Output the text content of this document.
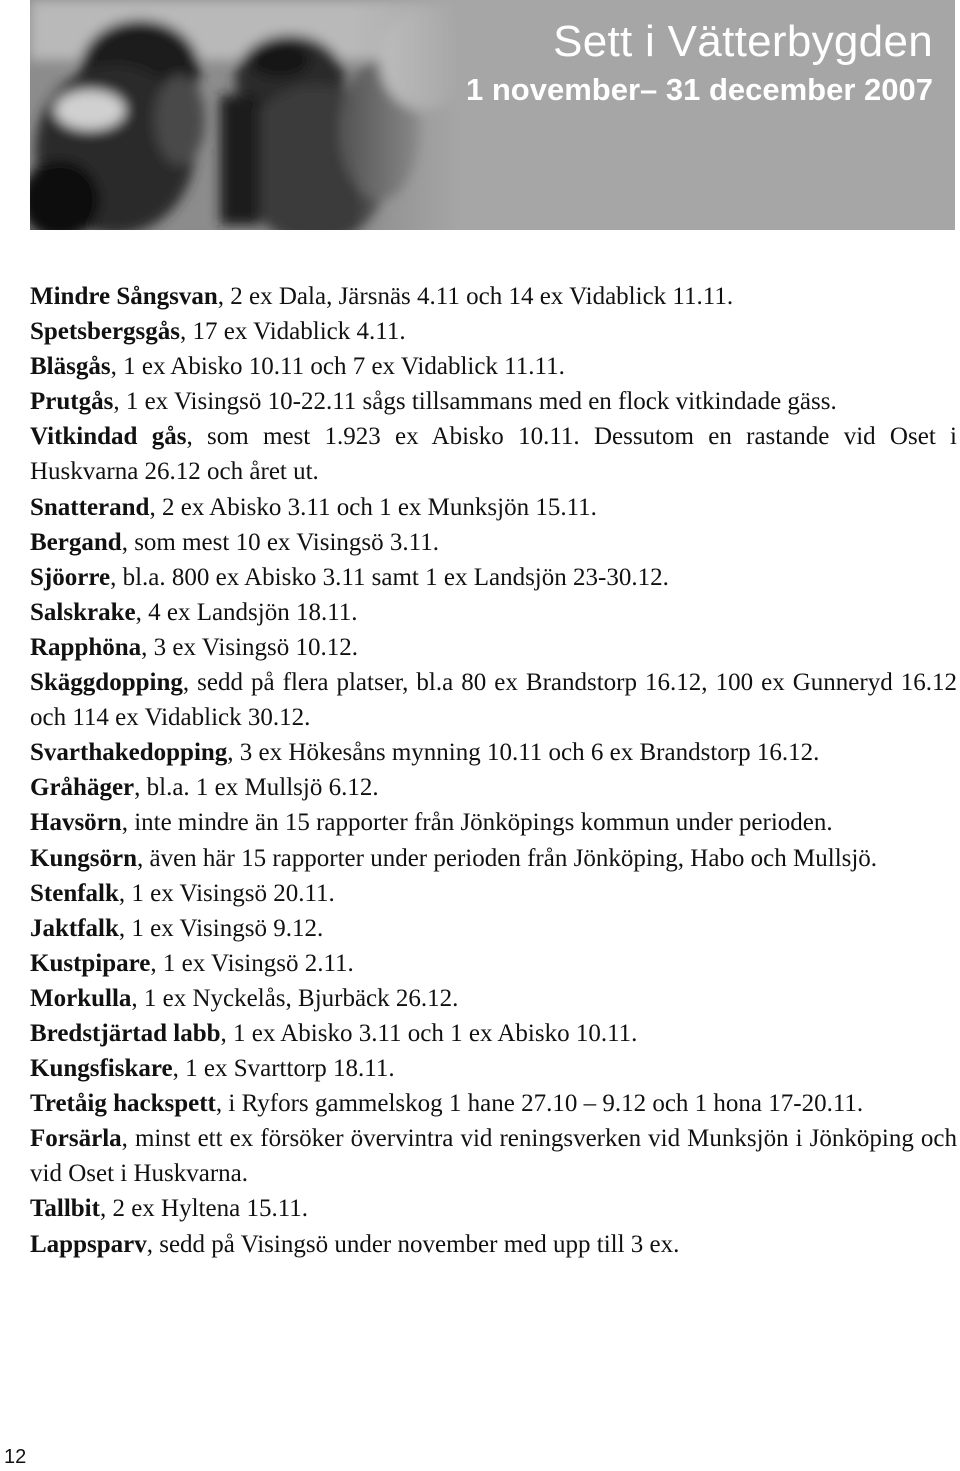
Sett i Vätterbygden
1 november– 31 december 2007

Mindre Sångsvan, 2 ex Dala, Järsnäs 4.11 och 14 ex Vidablick 11.11.

Spetsbergsgås, 17 ex Vidablick 4.11.

Bläsgås, 1 ex Abisko 10.11 och 7 ex Vidablick 11.11.

Prutgås, 1 ex Visingsö 10-22.11 sågs tillsammans med en flock vitkindade gäss.

Vitkindad gås, som mest 1.923 ex Abisko 10.11. Dessutom en rastande vid Oset i Huskvarna 26.12 och året ut.

Snatterand, 2 ex Abisko 3.11 och 1 ex Munksjön 15.11.

Bergand, som mest 10 ex Visingsö 3.11.

Sjöorre, bl.a. 800 ex Abisko 3.11 samt 1 ex Landsjön 23-30.12.

Salskrake, 4 ex Landsjön 18.11.

Rapphöna, 3 ex Visingsö 10.12.

Skäggdopping, sedd på flera platser, bl.a 80 ex Brandstorp 16.12, 100 ex Gunneryd 16.12 och 114 ex Vidablick 30.12.

Svarthakedopping, 3 ex Hökesåns mynning 10.11 och 6 ex Brandstorp 16.12.

Gråhäger, bl.a. 1 ex Mullsjö 6.12.

Havsörn, inte mindre än 15 rapporter från Jönköpings kommun under perioden.

Kungsörn, även här 15 rapporter under perioden från Jönköping, Habo och Mullsjö.

Stenfalk, 1 ex Visingsö 20.11.

Jaktfalk, 1 ex Visingsö 9.12.

Kustpipare, 1 ex Visingsö 2.11.

Morkulla, 1 ex Nyckelås, Bjurbäck 26.12.

Bredstjärtad labb, 1 ex Abisko 3.11 och 1 ex Abisko 10.11.

Kungsfiskare, 1 ex Svarttorp 18.11.

Tretåig hackspett, i Ryfors gammelskog 1 hane 27.10 – 9.12 och 1 hona 17-20.11.

Forsärla, minst ett ex försöker övervintra vid reningsverken vid Munksjön i Jönköping och vid Oset i Huskvarna.

Tallbit, 2 ex Hyltena 15.11.

Lappsparv, sedd på Visingsö under november med upp till 3 ex.

12
